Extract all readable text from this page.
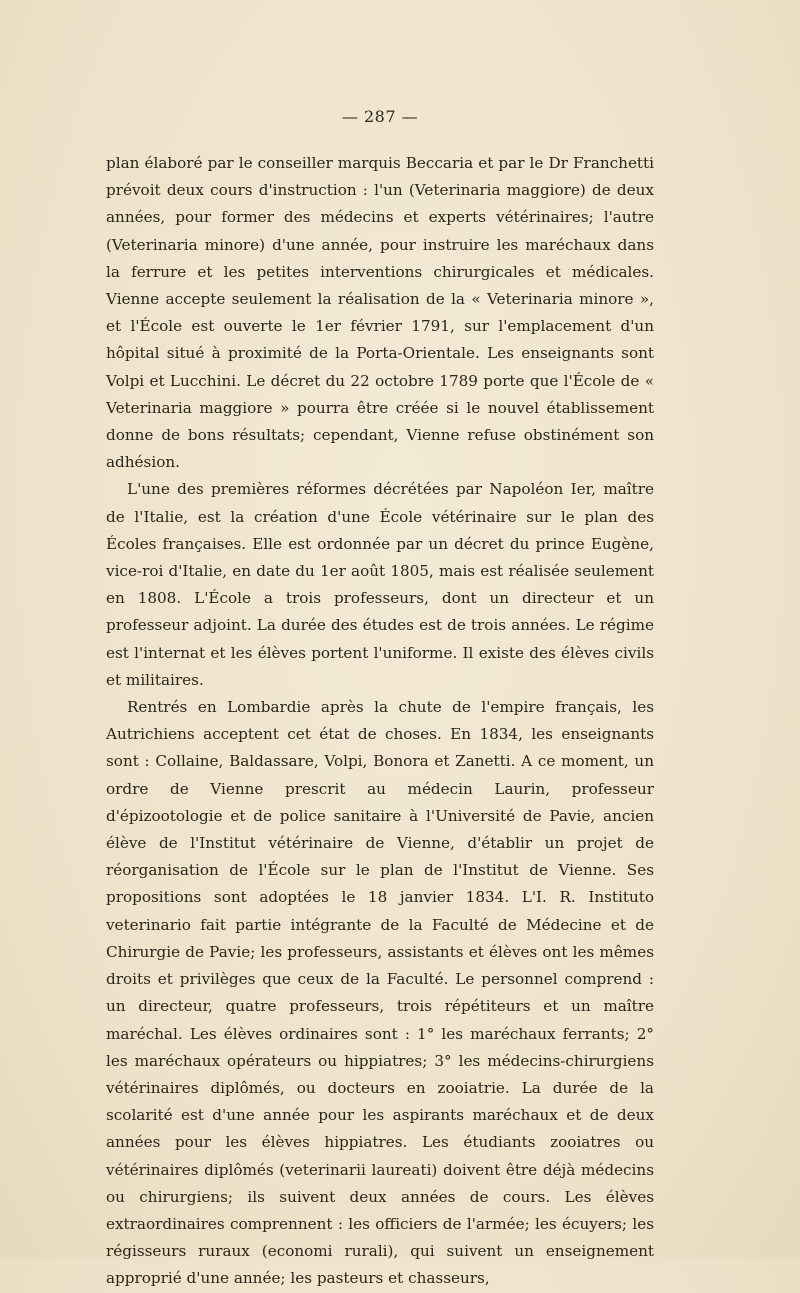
— 287 —

plan élaboré par le conseiller marquis Beccaria et par le Dr Franchetti prévoit deux cours d'instruction : l'un (Veterinaria maggiore) de deux années, pour former des médecins et experts vétérinaires; l'autre (Veterinaria minore) d'une année, pour instruire les maréchaux dans la ferrure et les petites interventions chirurgicales et médicales. Vienne accepte seulement la réalisation de la « Veterinaria minore », et l'École est ouverte le 1er février 1791, sur l'emplacement d'un hôpital situé à proximité de la Porta-Orientale. Les enseignants sont Volpi et Lucchini. Le décret du 22 octobre 1789 porte que l'École de « Veterinaria maggiore » pourra être créée si le nouvel établissement donne de bons résultats; cependant, Vienne refuse obstinément son adhésion.

L'une des premières réformes décrétées par Napoléon Ier, maître de l'Italie, est la création d'une École vétérinaire sur le plan des Écoles françaises. Elle est ordonnée par un décret du prince Eugène, vice-roi d'Italie, en date du 1er août 1805, mais est réalisée seulement en 1808. L'École a trois professeurs, dont un directeur et un professeur adjoint. La durée des études est de trois années. Le régime est l'internat et les élèves portent l'uniforme. Il existe des élèves civils et militaires.

Rentrés en Lombardie après la chute de l'empire français, les Autrichiens acceptent cet état de choses. En 1834, les enseignants sont : Collaine, Baldassare, Volpi, Bonora et Zanetti. A ce moment, un ordre de Vienne prescrit au médecin Laurin, professeur d'épizootologie et de police sanitaire à l'Université de Pavie, ancien élève de l'Institut vétérinaire de Vienne, d'établir un projet de réorganisation de l'École sur le plan de l'Institut de Vienne. Ses propositions sont adoptées le 18 janvier 1834. L'I. R. Instituto veterinario fait partie intégrante de la Faculté de Médecine et de Chirurgie de Pavie; les professeurs, assistants et élèves ont les mêmes droits et privilèges que ceux de la Faculté. Le personnel comprend : un directeur, quatre professeurs, trois répétiteurs et un maître maréchal. Les élèves ordinaires sont : 1° les maréchaux ferrants; 2° les maréchaux opérateurs ou hippiatres; 3° les médecins-chirurgiens vétérinaires diplômés, ou docteurs en zooiatrie. La durée de la scolarité est d'une année pour les aspirants maréchaux et de deux années pour les élèves hippiatres. Les étudiants zooiatres ou vétérinaires diplômés (veterinarii laureati) doivent être déjà médecins ou chirurgiens; ils suivent deux années de cours. Les élèves extraordinaires comprennent : les officiers de l'armée; les écuyers; les régisseurs ruraux (economi rurali), qui suivent un enseignement approprié d'une année; les pasteurs et chasseurs,
